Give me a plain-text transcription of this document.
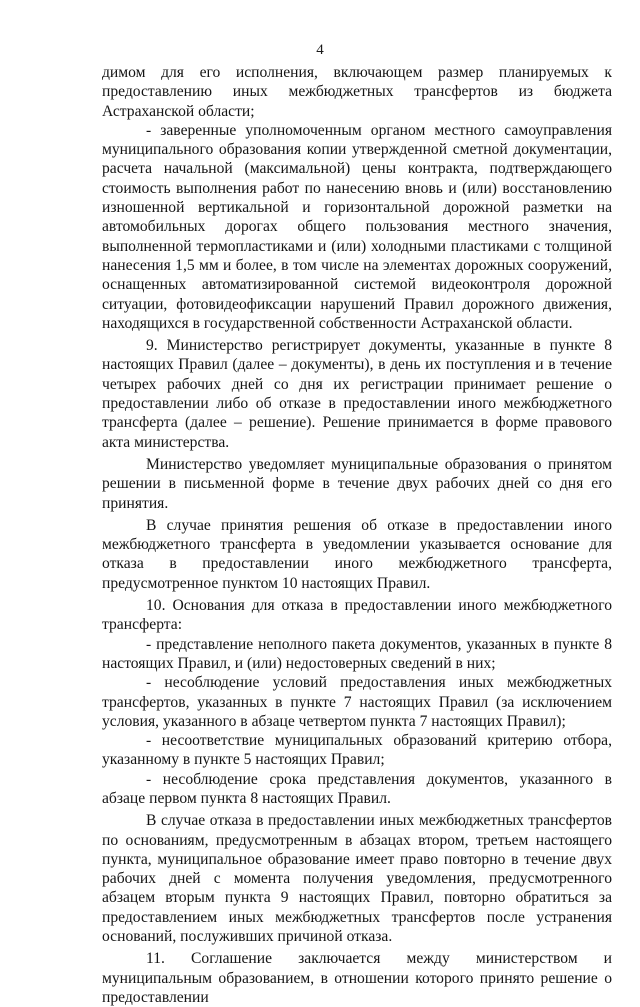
4

димом для его исполнения, включающем размер планируемых к предоставлению иных межбюджетных трансфертов из бюджета Астраханской области;

- заверенные уполномоченным органом местного самоуправления муниципального образования копии утвержденной сметной документации, расчета начальной (максимальной) цены контракта, подтверждающего стоимость выполнения работ по нанесению вновь и (или) восстановлению изношенной вертикальной и горизонтальной дорожной разметки на автомобильных дорогах общего пользования местного значения, выполненной термопластиками и (или) холодными пластиками с толщиной нанесения 1,5 мм и более, в том числе на элементах дорожных сооружений, оснащенных автоматизированной системой видеоконтроля дорожной ситуации, фотовидеофиксации нарушений Правил дорожного движения, находящихся в государственной собственности Астраханской области.

9. Министерство регистрирует документы, указанные в пункте 8 настоящих Правил (далее – документы), в день их поступления и в течение четырех рабочих дней со дня их регистрации принимает решение о предоставлении либо об отказе в предоставлении иного межбюджетного трансферта (далее – решение). Решение принимается в форме правового акта министерства.

Министерство уведомляет муниципальные образования о принятом решении в письменной форме в течение двух рабочих дней со дня его принятия.

В случае принятия решения об отказе в предоставлении иного межбюджетного трансферта в уведомлении указывается основание для отказа в предоставлении иного межбюджетного трансферта, предусмотренное пунктом 10 настоящих Правил.

10. Основания для отказа в предоставлении иного межбюджетного трансферта:

- представление неполного пакета документов, указанных в пункте 8 настоящих Правил, и (или) недостоверных сведений в них;

- несоблюдение условий предоставления иных межбюджетных трансфертов, указанных в пункте 7 настоящих Правил (за исключением условия, указанного в абзаце четвертом пункта 7 настоящих Правил);

- несоответствие муниципальных образований критерию отбора, указанному в пункте 5 настоящих Правил;

- несоблюдение срока представления документов, указанного в абзаце первом пункта 8 настоящих Правил.

В случае отказа в предоставлении иных межбюджетных трансфертов по основаниям, предусмотренным в абзацах втором, третьем настоящего пункта, муниципальное образование имеет право повторно в течение двух рабочих дней с момента получения уведомления, предусмотренного абзацем вторым пункта 9 настоящих Правил, повторно обратиться за предоставлением иных межбюджетных трансфертов после устранения оснований, послуживших причиной отказа.

11. Соглашение заключается между министерством и муниципальным образованием, в отношении которого принято решение о предоставлении
